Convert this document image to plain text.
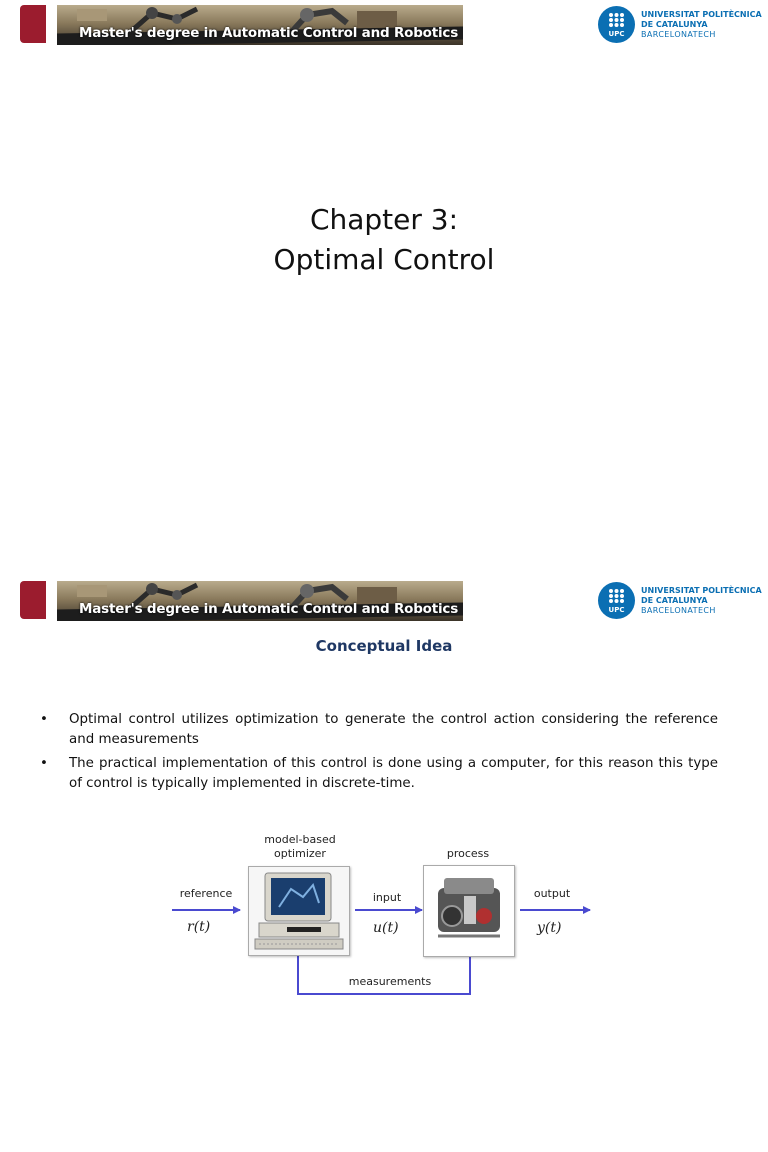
Master's degree in Automatic Control and Robotics	UPC
UNIVERSITAT POLITÈCNICA
DE CATALUNYA
BARCELONATECH
Chapter 3:
Optimal Control
Master's degree in Automatic Control and Robotics	UPC
UNIVERSITAT POLITÈCNICA
DE CATALUNYA
BARCELONATECH
Conceptual Idea
• Optimal control utilizes optimization to generate the control action considering the reference and measurements
• The practical implementation of this control is done using a computer, for this reason this type of control is typically implemented in discrete-time.
model-based
optimizer	process
reference
r(t)
input
u(t)
output
y(t)
measurements
